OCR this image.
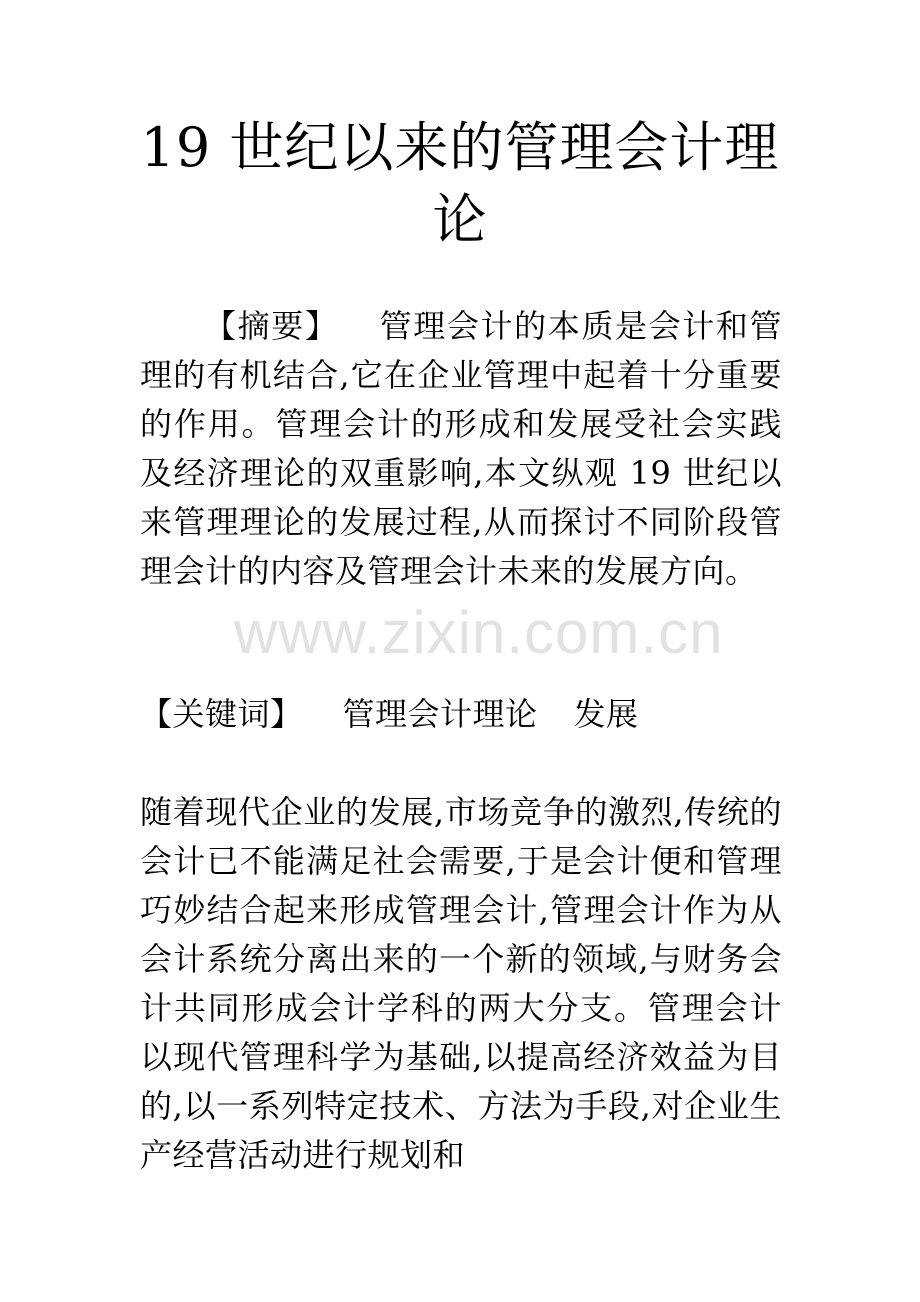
19 世纪以来的管理会计理论

【摘要】 管理会计的本质是会计和管理的有机结合,它在企业管理中起着十分重要的作用。管理会计的形成和发展受社会实践及经济理论的双重影响,本文纵观 19 世纪以来管理理论的发展过程,从而探讨不同阶段管理会计的内容及管理会计未来的发展方向。

【关键词】 管理会计理论 发展

随着现代企业的发展,市场竞争的激烈,传统的会计已不能满足社会需要,于是会计便和管理巧妙结合起来形成管理会计,管理会计作为从会计系统分离出来的一个新的领域,与财务会计共同形成会计学科的两大分支。管理会计以现代管理科学为基础,以提高经济效益为目的,以一系列特定技术、方法为手段,对企业生产经营活动进行规划和

www.zixin.com.cn
